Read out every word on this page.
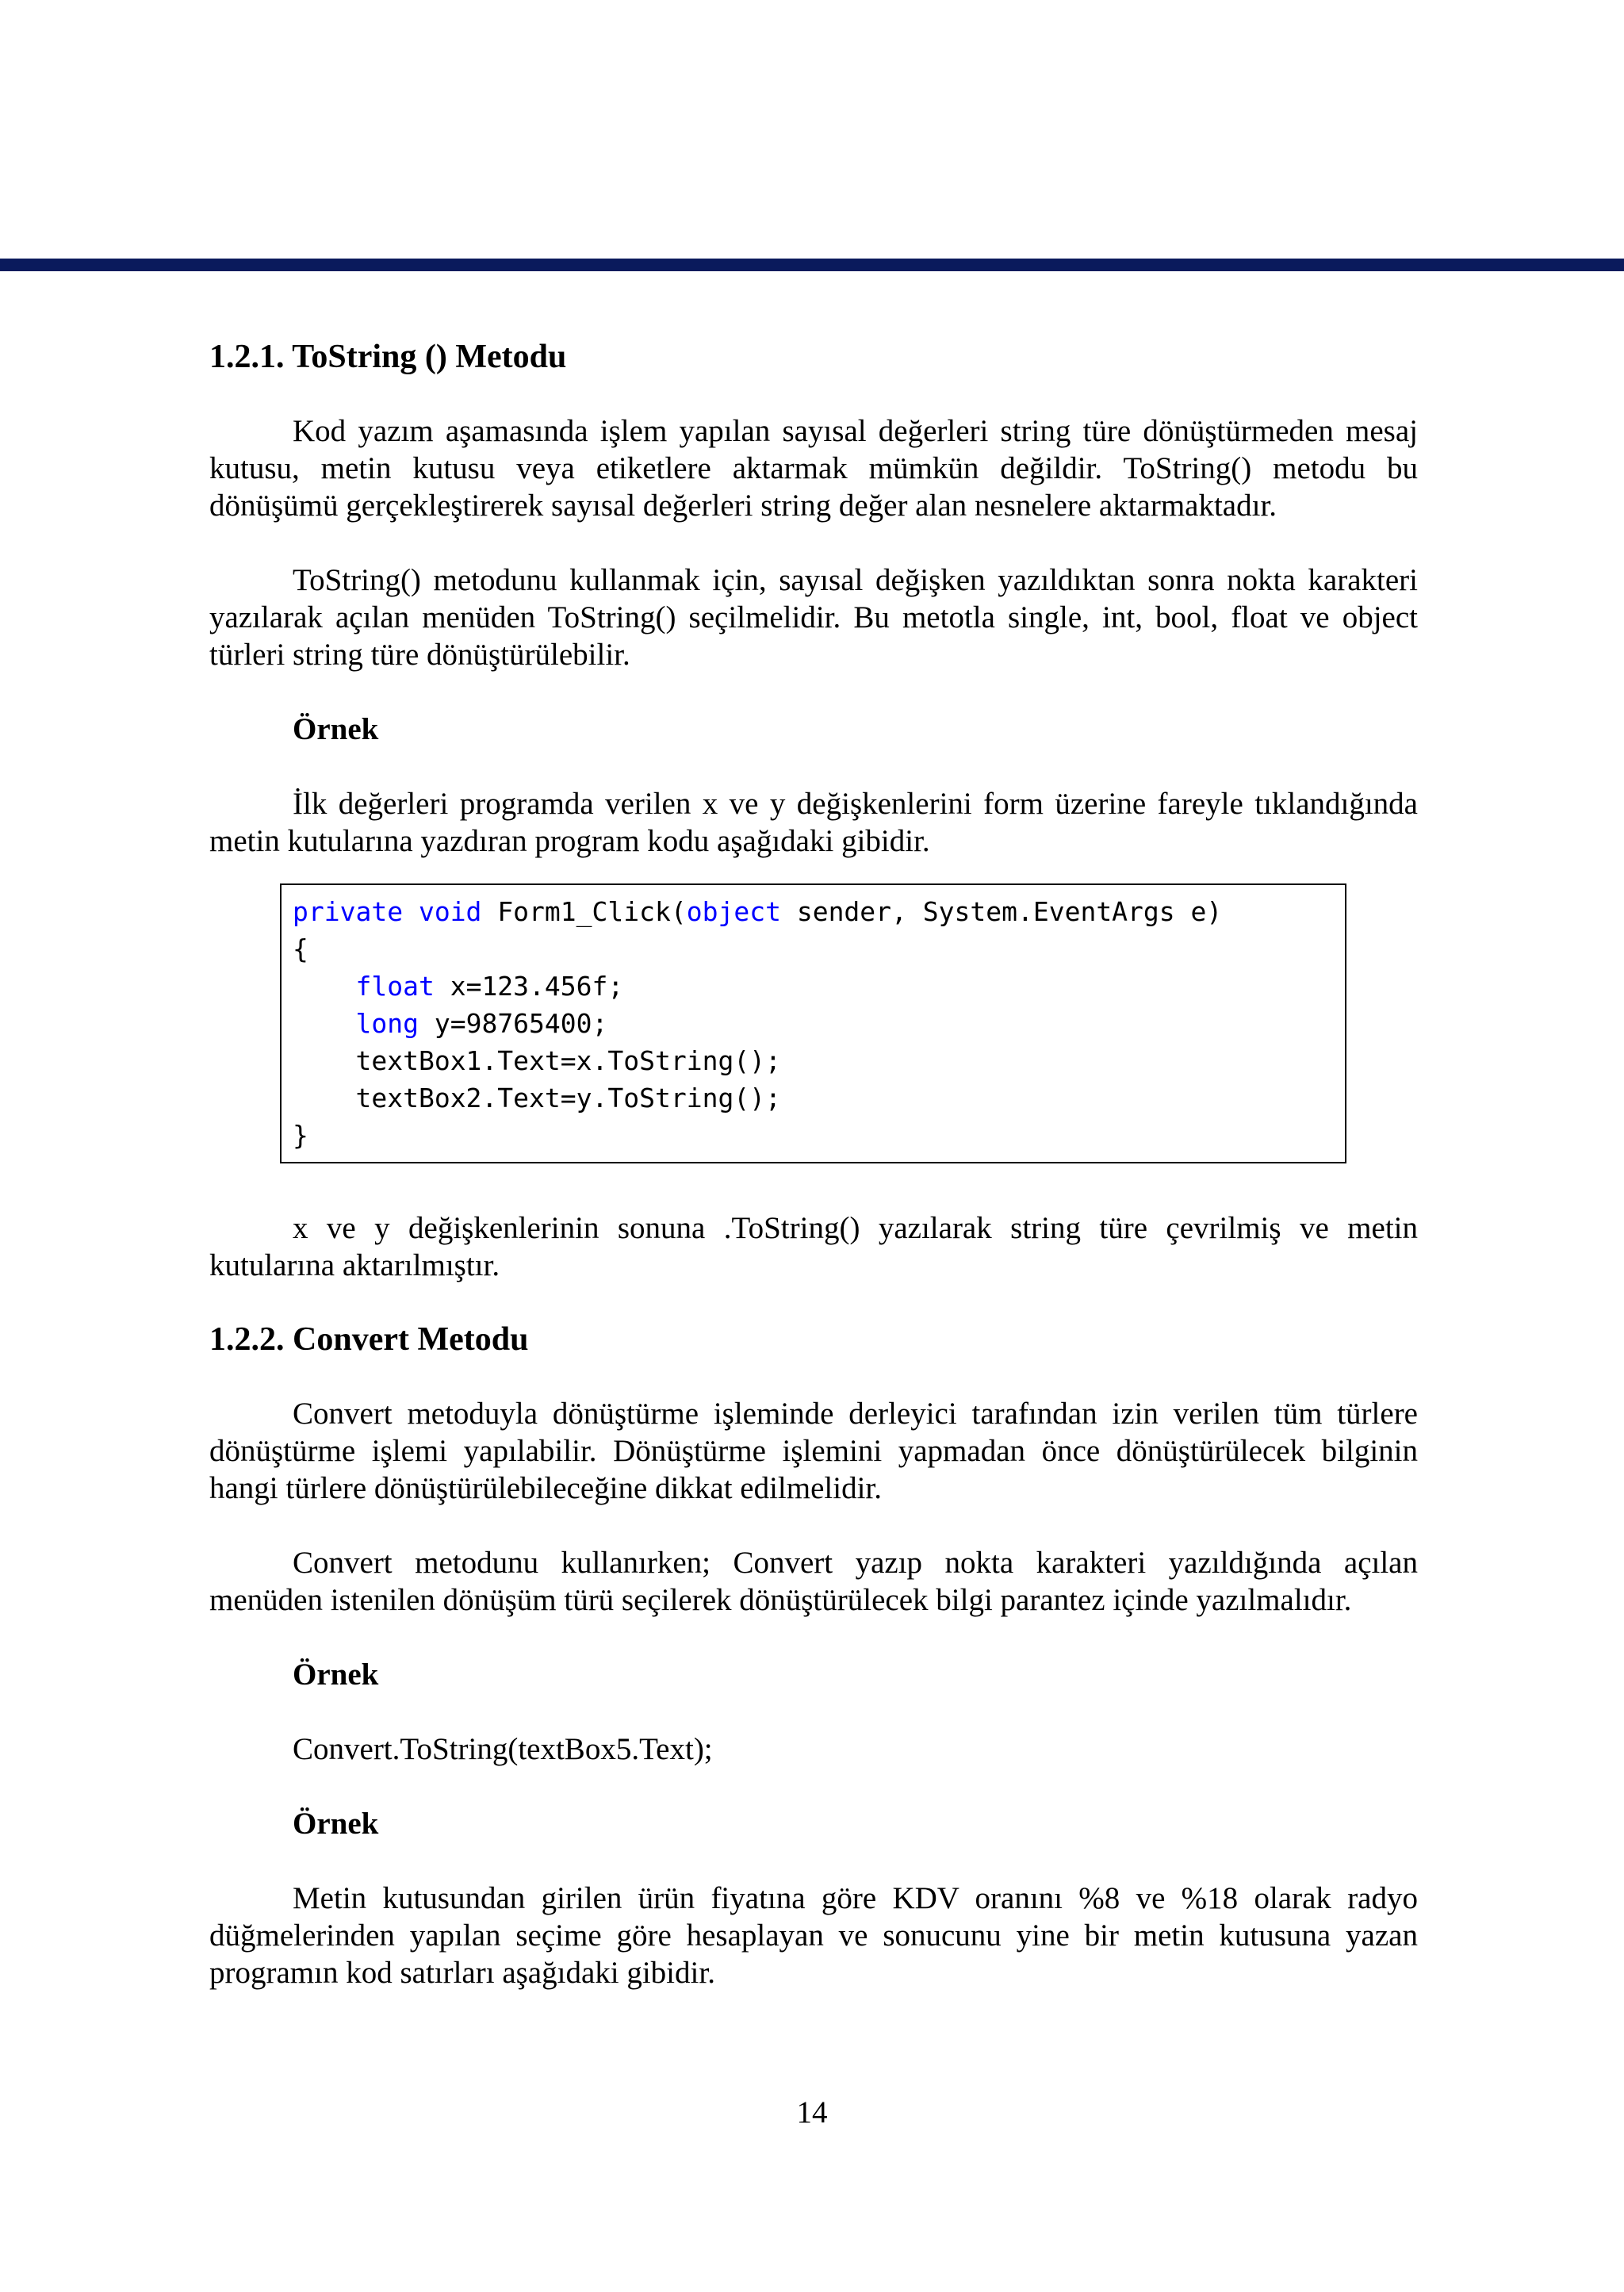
1.2.1. ToString () Metodu

Kod yazım aşamasında işlem yapılan sayısal değerleri string türe dönüştürmeden mesaj kutusu, metin kutusu veya etiketlere aktarmak mümkün değildir. ToString() metodu bu dönüşümü gerçekleştirerek sayısal değerleri string değer alan nesnelere aktarmaktadır.

ToString() metodunu kullanmak için, sayısal değişken yazıldıktan sonra nokta karakteri yazılarak açılan menüden ToString() seçilmelidir. Bu metotla single, int, bool, float ve object türleri string türe dönüştürülebilir.

Örnek

İlk değerleri programda verilen x ve y değişkenlerini form üzerine fareyle tıklandığında metin kutularına yazdıran program kodu aşağıdaki gibidir.

private void Form1_Click(object sender, System.EventArgs e)
{
float x=123.456f;
long y=98765400;
textBox1.Text=x.ToString();
textBox2.Text=y.ToString();
}

x ve y değişkenlerinin sonuna .ToString() yazılarak string türe çevrilmiş ve metin kutularına aktarılmıştır.

1.2.2. Convert Metodu

Convert metoduyla dönüştürme işleminde derleyici tarafından izin verilen tüm türlere dönüştürme işlemi yapılabilir. Dönüştürme işlemini yapmadan önce dönüştürülecek bilginin hangi türlere dönüştürülebileceğine dikkat edilmelidir.

Convert metodunu kullanırken; Convert yazıp nokta karakteri yazıldığında açılan menüden istenilen dönüşüm türü seçilerek dönüştürülecek bilgi parantez içinde yazılmalıdır.

Örnek

Convert.ToString(textBox5.Text);

Örnek

Metin kutusundan girilen ürün fiyatına göre KDV oranını %8 ve %18 olarak radyo düğmelerinden yapılan seçime göre hesaplayan ve sonucunu yine bir metin kutusuna yazan programın kod satırları aşağıdaki gibidir.

14
